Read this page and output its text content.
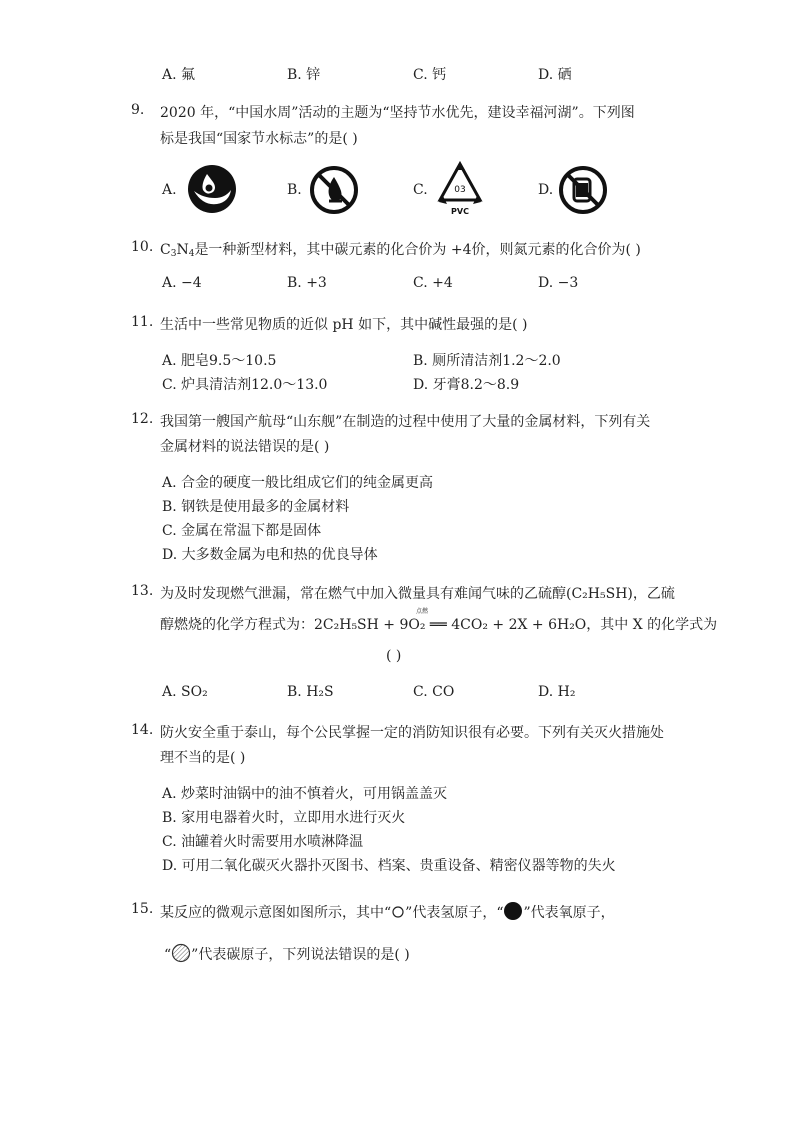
A. 氟	B. 锌	C. 钙	D. 硒
9. 2020 年，“中国水周”活动的主题为“坚持节水优先，建设幸福河湖”。下列图
标是我国“国家节水标志”的是( )
A.	B.	C.	03
PVC
D.
10. $C_3N_4$是一种新型材料，其中碳元素的化合价为 +4价，则氮元素的化合价为( )
A. −4	B. +3	C. +4	D. −3
11. 生活中一些常见物质的近似 pH 如下，其中碱性最强的是( )
A. 肥皂9.5～10.5	B. 厕所清洁剂1.2～2.0
C. 炉具清洁剂12.0～13.0	D. 牙膏8.2～8.9
12. 我国第一艘国产航母“山东舰”在制造的过程中使用了大量的金属材料，下列有关
金属材料的说法错误的是( )
A. 合金的硬度一般比组成它们的纯金属更高
B. 钢铁是使用最多的金属材料
C. 金属在常温下都是固体
D. 大多数金属为电和热的优良导体
13. 为及时发现燃气泄漏，常在燃气中加入微量具有难闻气味的乙硫醇(C₂H₅SH)，乙硫
醇燃烧的化学方程式为：
点燃
2C₂H₅SH + 9O₂ ══ 4CO₂ + 2X + 6H₂O，其中 X 的化学式为
( )
A. SO₂	B. H₂S	C. CO	D. H₂
14. 防火安全重于泰山，每个公民掌握一定的消防知识很有必要。下列有关灭火措施处
理不当的是( )
A. 炒菜时油锅中的油不慎着火，可用锅盖盖灭
B. 家用电器着火时，立即用水进行灭火
C. 油罐着火时需要用水喷淋降温
D. 可用二氧化碳灭火器扑灭图书、档案、贵重设备、精密仪器等物的失火
15. 某反应的微观示意图如图所示，其中“ ”代表氢原子，“ ”代表氧原子，
“ ”代表碳原子，下列说法错误的是( )
